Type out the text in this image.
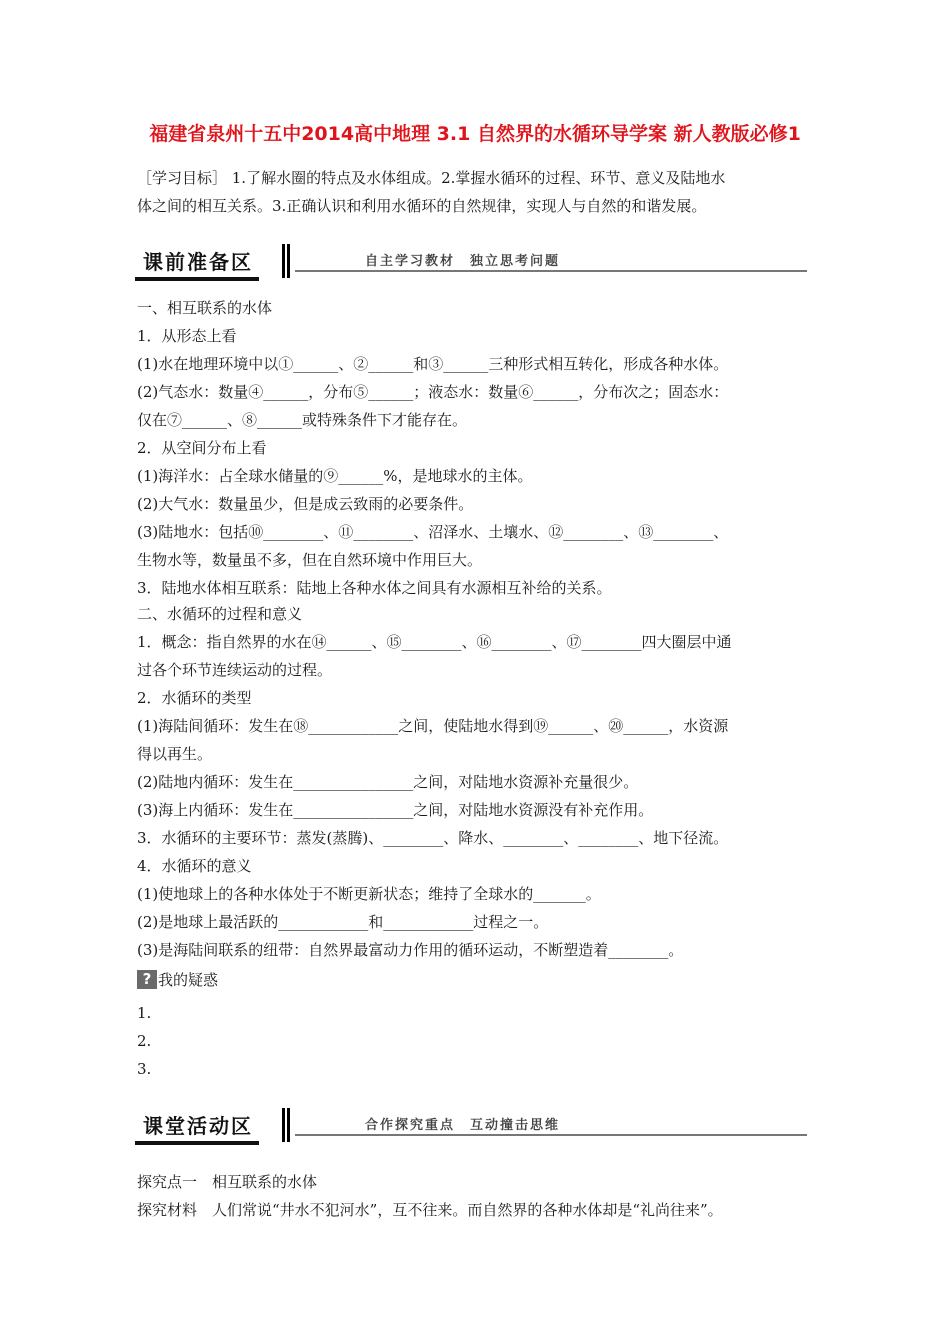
福建省泉州十五中2014高中地理 3.1 自然界的水循环导学案 新人教版必修1
［学习目标］ 1.了解水圈的特点及水体组成。2.掌握水循环的过程、环节、意义及陆地水
体之间的相互关系。3.正确认识和利用水循环的自然规律，实现人与自然的和谐发展。
课前准备区	自主学习教材　独立思考问题
一、相互联系的水体
1．从形态上看
(1)水在地理环境中以①______、②______和③______三种形式相互转化，形成各种水体。
(2)气态水：数量④______，分布⑤______；液态水：数量⑥______，分布次之；固态水：
仅在⑦______、⑧______或特殊条件下才能存在。
2．从空间分布上看
(1)海洋水：占全球水储量的⑨______%，是地球水的主体。
(2)大气水：数量虽少，但是成云致雨的必要条件。
(3)陆地水：包括⑩________、⑪________、沼泽水、土壤水、⑫________、⑬________、
生物水等，数量虽不多，但在自然环境中作用巨大。
3．陆地水体相互联系：陆地上各种水体之间具有水源相互补给的关系。
二、水循环的过程和意义
1．概念：指自然界的水在⑭______、⑮________、⑯________、⑰________四大圈层中通
过各个环节连续运动的过程。
2．水循环的类型
(1)海陆间循环：发生在⑱____________之间，使陆地水得到⑲______、⑳______，水资源
得以再生。
(2)陆地内循环：发生在________________之间，对陆地水资源补充量很少。
(3)海上内循环：发生在________________之间，对陆地水资源没有补充作用。
3．水循环的主要环节：蒸发(蒸腾)、________、降水、________、________、地下径流。
4．水循环的意义
(1)使地球上的各种水体处于不断更新状态；维持了全球水的_______。
(2)是地球上最活跃的____________和____________过程之一。
(3)是海陆间联系的纽带：自然界最富动力作用的循环运动，不断塑造着________。
? 我的疑惑
1.
2.
3.
课堂活动区	合作探究重点　互动撞击思维
探究点一　相互联系的水体
探究材料　人们常说“井水不犯河水”，互不往来。而自然界的各种水体却是“礼尚往来”。
